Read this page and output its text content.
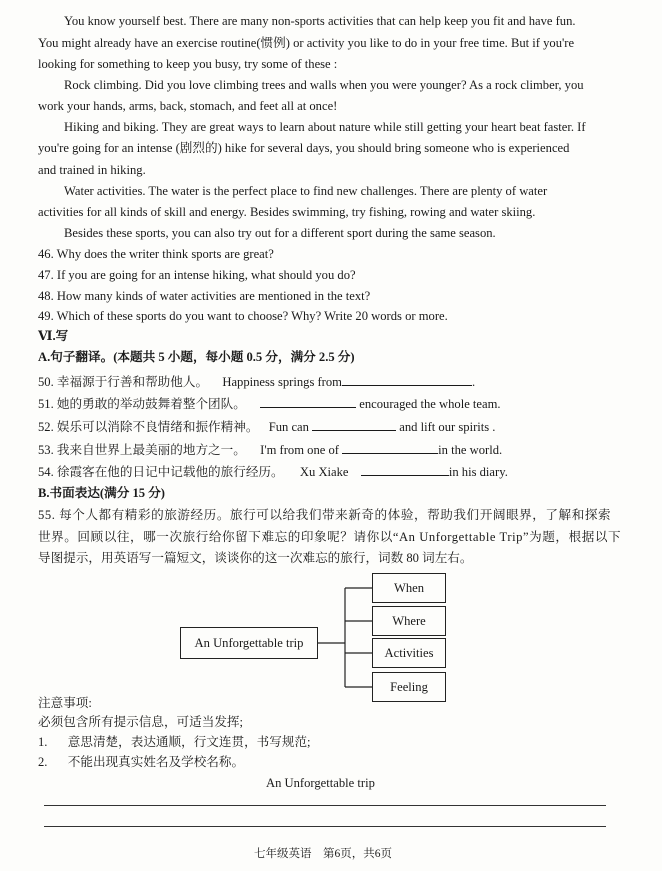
You know yourself best. There are many non-sports activities that can help keep you fit and have fun.
You might already have an exercise routine(惯例) or activity you like to do in your free time. But if you're
looking for something to keep you busy, try some of these :
Rock climbing. Did you love climbing trees and walls when you were younger? As a rock climber, you
work your hands, arms, back, stomach, and feet all at once!
Hiking and biking. They are great ways to learn about nature while still getting your heart beat faster. If
you're going for an intense (剧烈的) hike for several days, you should bring someone who is experienced
and trained in hiking.
Water activities. The water is the perfect place to find new challenges. There are plenty of water
activities for all kinds of skill and energy. Besides swimming, try fishing, rowing and water skiing.
Besides these sports, you can also try out for a different sport during the same season.
46. Why does the writer think sports are great?
47. If you are going for an intense hiking, what should you do?
48. How many kinds of water activities are mentioned in the text?
49. Which of these sports do you want to choose? Why? Write 20 words or more.
Ⅵ.写
A.句子翻译。(本题共 5 小题，每小题 0.5 分，满分 2.5 分)
50. 幸福源于行善和帮助他人。 Happiness springs from	.
51. 她的勇敢的举动鼓舞着整个团队。	encouraged the whole team.
52. 娱乐可以消除不良情绪和振作精神。 Fun can	and lift our spirits .
53. 我来自世界上最美丽的地方之一。 I'm from one of	in the world.
54. 徐霞客在他的日记中记载他的旅行经历。 Xu Xiake	in his diary.
B.书面表达(满分 15 分)
55. 每个人都有精彩的旅游经历。旅行可以给我们带来新奇的体验，帮助我们开阔眼界，了解和探索
世界。回顾以往，哪一次旅行给你留下难忘的印象呢？请你以“An Unforgettable Trip”为题，根据以下
导图提示，用英语写一篇短文，谈谈你的这一次难忘的旅行，词数 80 词左右。
An Unforgettable trip
When
Where
Activities
Feeling
注意事项:
必须包含所有提示信息，可适当发挥;
1. 意思清楚，表达通顺，行文连贯，书写规范;
2. 不能出现真实姓名及学校名称。
An Unforgettable trip
七年级英语　第6页，共6页
